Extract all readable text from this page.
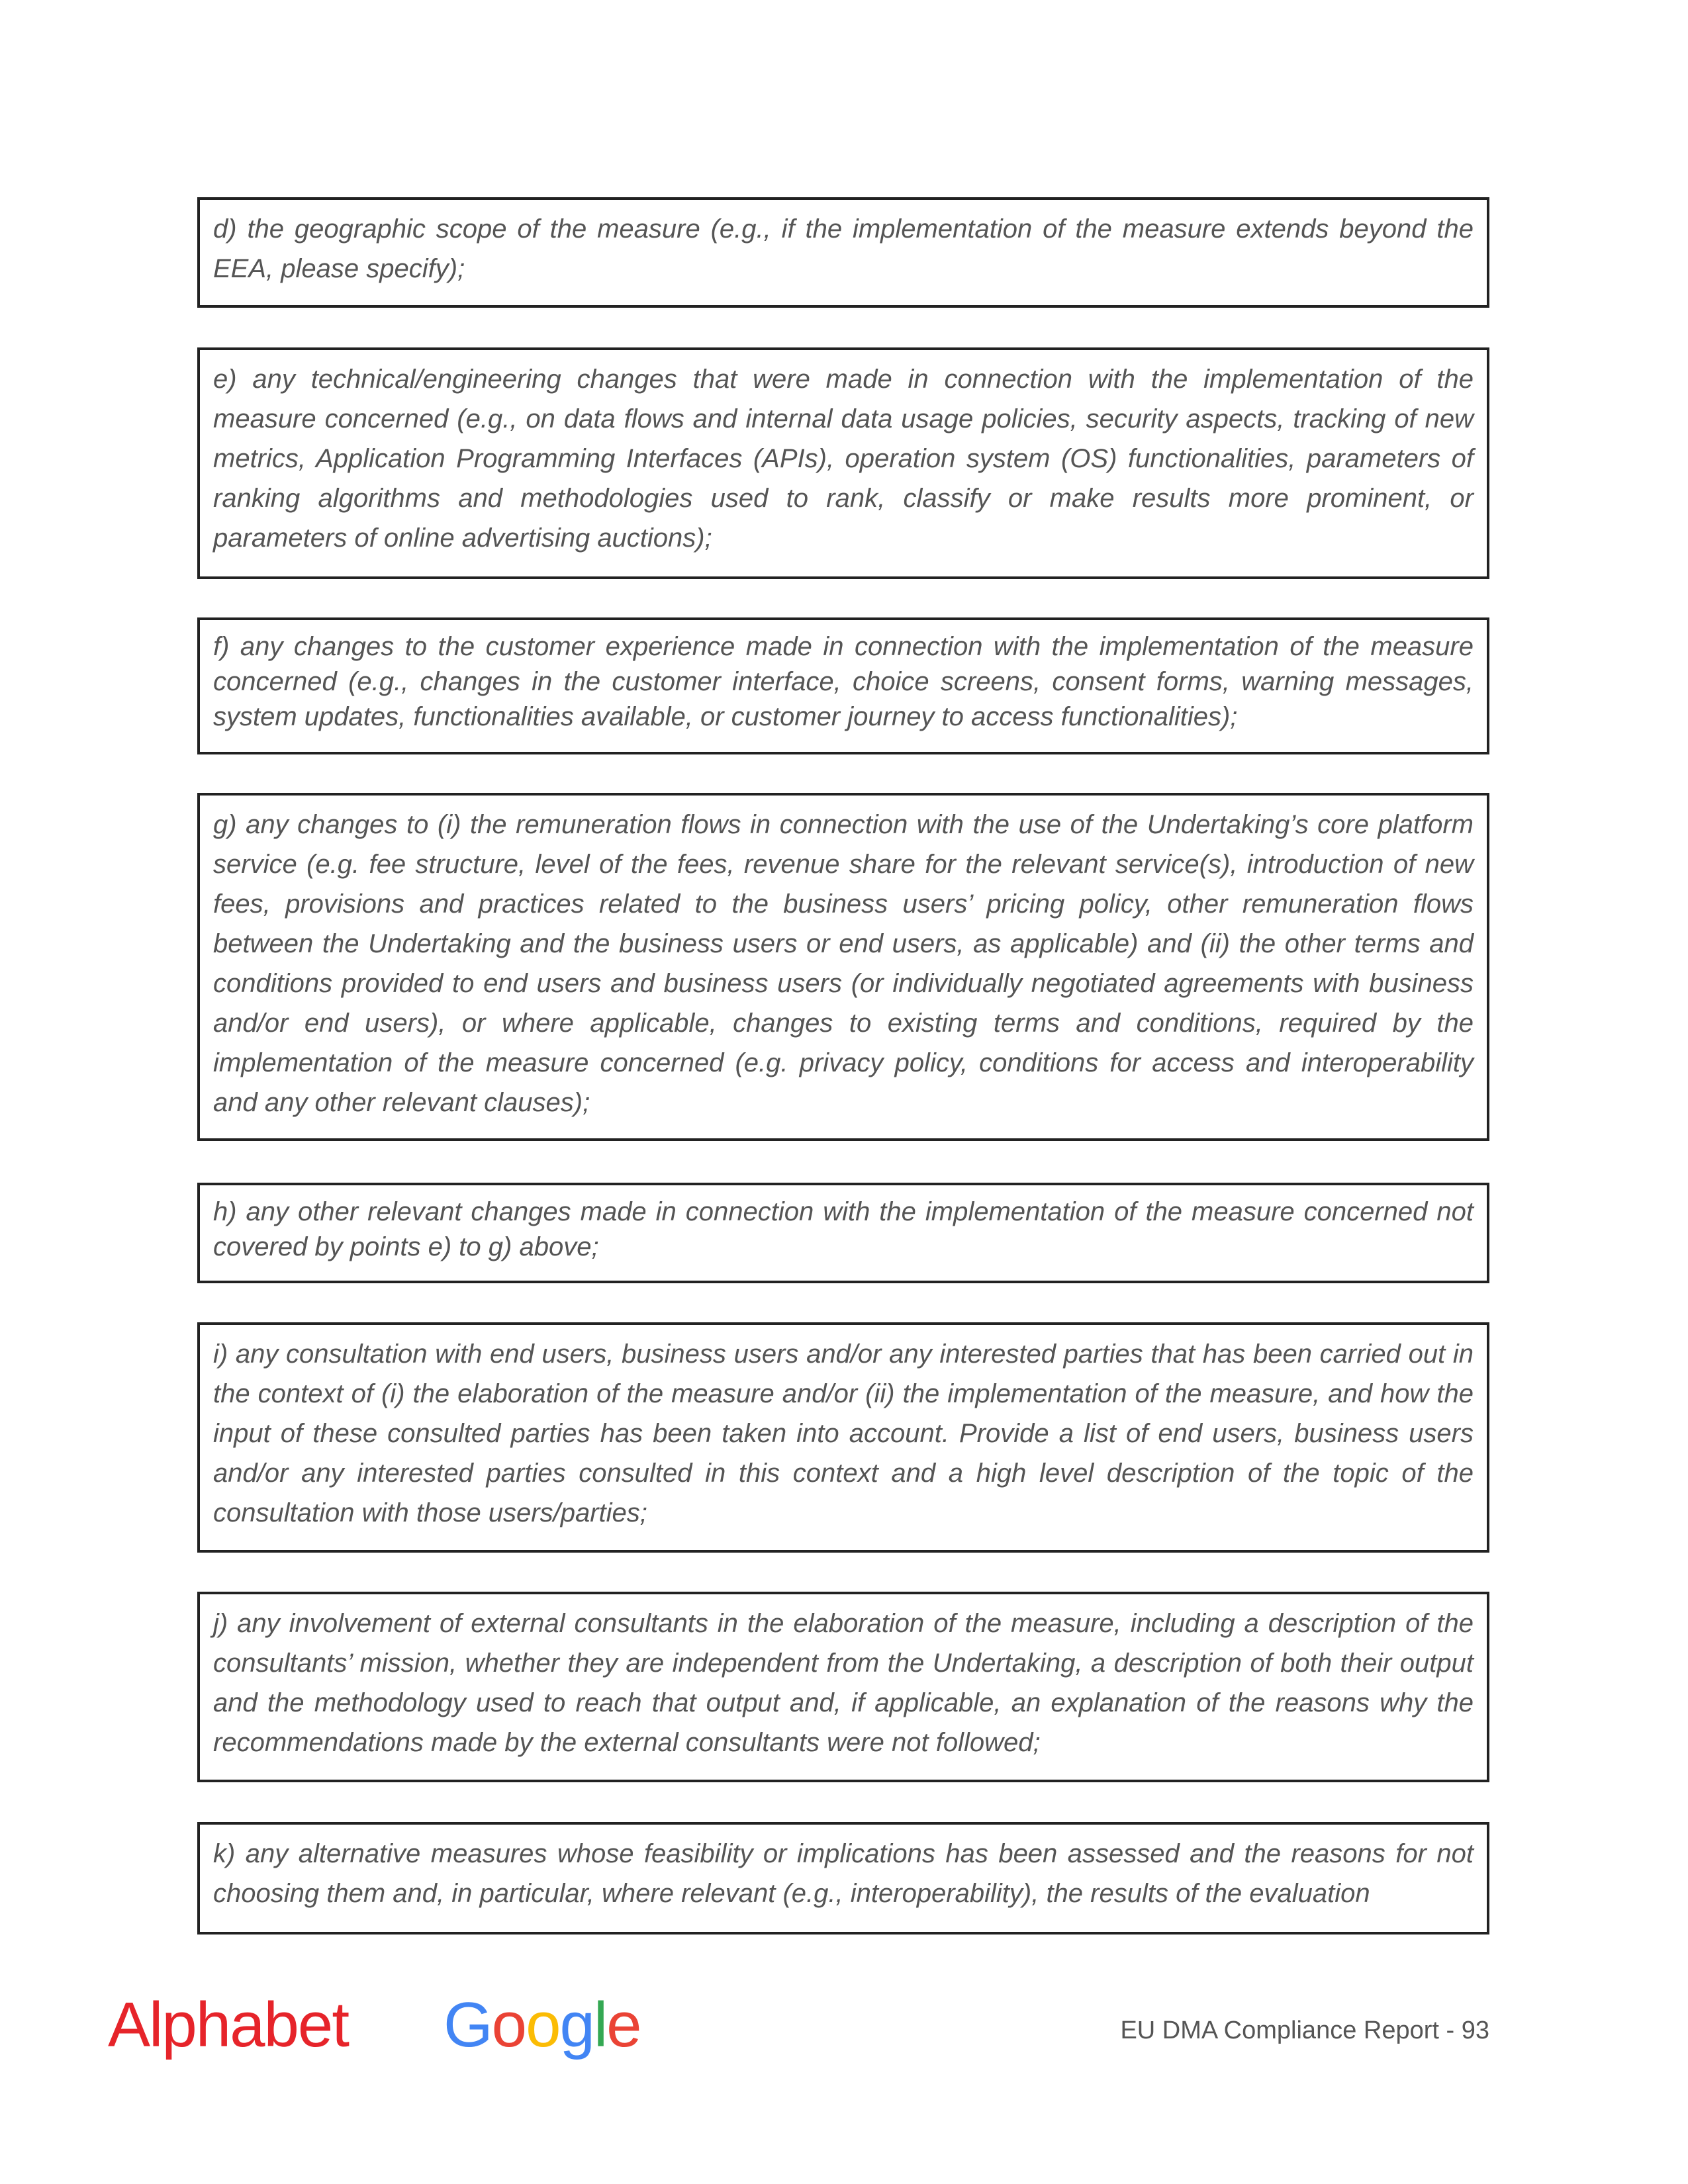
d) the geographic scope of the measure (e.g., if the implementation of the measure extends beyond the EEA, please specify);

e) any technical/engineering changes that were made in connection with the implementation of the measure concerned (e.g., on data flows and internal data usage policies, security aspects, tracking of new metrics, Application Programming Interfaces (APIs), operation system (OS) functionalities, parameters of ranking algorithms and methodologies used to rank, classify or make results more prominent, or parameters of online advertising auctions);

f) any changes to the customer experience made in connection with the implementation of the measure concerned (e.g., changes in the customer interface, choice screens, consent forms, warning messages, system updates, functionalities available, or customer journey to access functionalities);

g) any changes to (i) the remuneration flows in connection with the use of the Undertaking’s core platform service (e.g. fee structure, level of the fees, revenue share for the relevant service(s), introduction of new fees, provisions and practices related to the business users’ pricing policy, other remuneration flows between the Undertaking and the business users or end users, as applicable) and (ii) the other terms and conditions provided to end users and business users (or individually negotiated agreements with business and/or end users), or where applicable, changes to existing terms and conditions, required by the implementation of the measure concerned (e.g. privacy policy, conditions for access and interoperability and any other relevant clauses);

h) any other relevant changes made in connection with the implementation of the measure concerned not covered by points e) to g) above;

i) any consultation with end users, business users and/or any interested parties that has been carried out in the context of (i) the elaboration of the measure and/or (ii) the implementation of the measure, and how the input of these consulted parties has been taken into account. Provide a list of end users, business users and/or any interested parties consulted in this context and a high level description of the topic of the consultation with those users/parties;

j) any involvement of external consultants in the elaboration of the measure, including a description of the consultants’ mission, whether they are independent from the Undertaking, a description of both their output and the methodology used to reach that output and, if applicable, an explanation of the reasons why the recommendations made by the external consultants were not followed;

k) any alternative measures whose feasibility or implications has been assessed and the reasons for not choosing them and, in particular, where relevant (e.g., interoperability), the results of the evaluation

Alphabet Google	EU DMA Compliance Report - 93
